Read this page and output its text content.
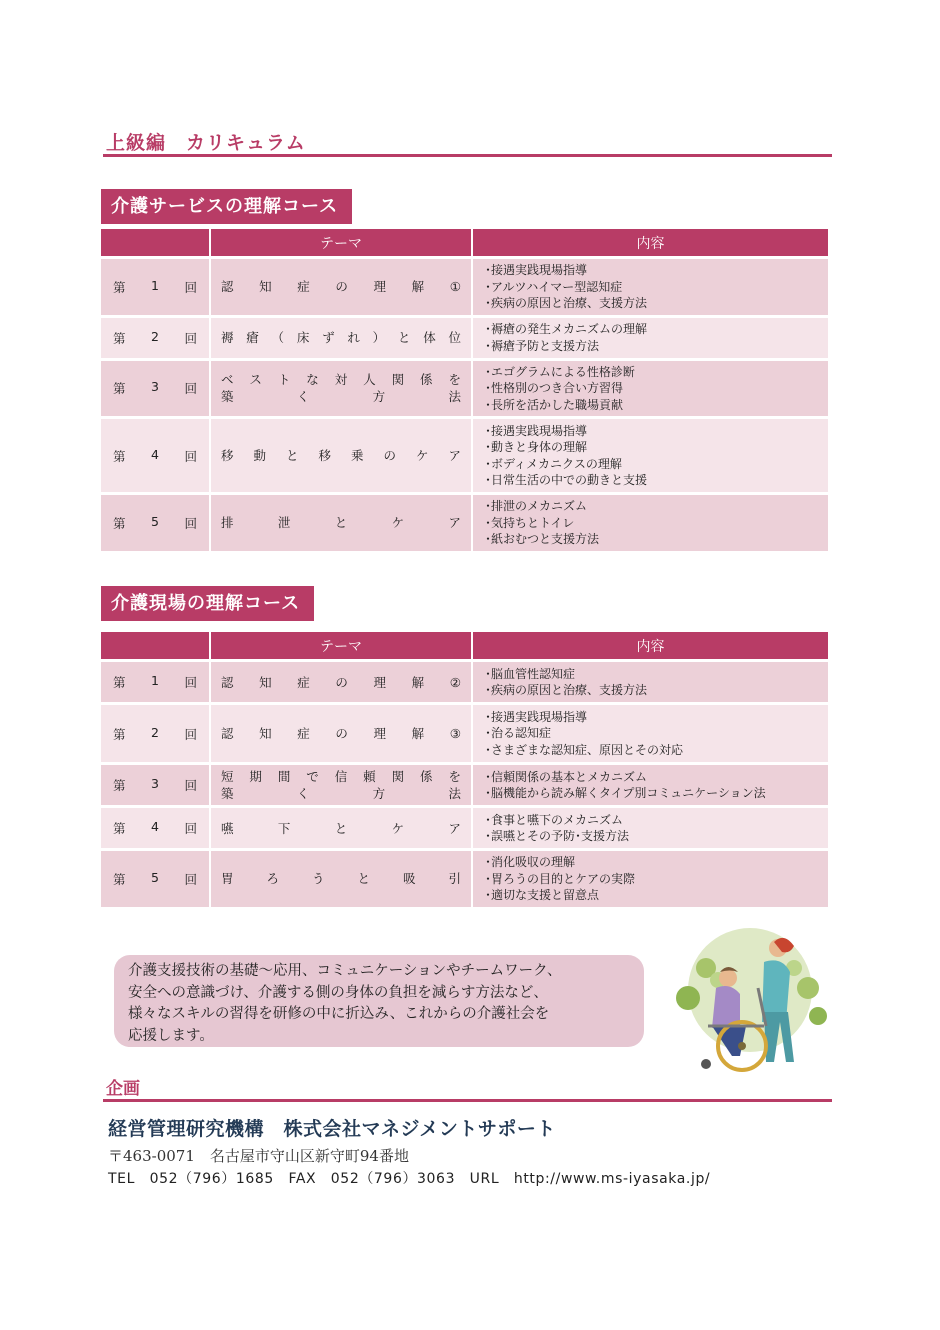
上級編　カリキュラム
介護サービスの理解コース
	テーマ	内容

第 1 回	認知症の理解①	･接遇実践現場指導
･アルツハイマー型認知症
･疾病の原因と治療、支援方法

第 2 回	褥瘡（床ずれ）と体位	･褥瘡の発生メカニズムの理解
･褥瘡予防と支援方法

第 3 回	ベストな対人関係を
築く方法	･エゴグラムによる性格診断
･性格別のつき合い方習得
･長所を活かした職場貢献

第 4 回	移動と移乗のケア	･接遇実践現場指導
･動きと身体の理解
･ボディメカニクスの理解
･日常生活の中での動きと支援

第 5 回	排泄とケア	･排泄のメカニズム
･気持ちとトイレ
･紙おむつと支援方法
介護現場の理解コース
	テーマ	内容

第 1 回	認知症の理解②	･脳血管性認知症
･疾病の原因と治療、支援方法

第 2 回	認知症の理解③	･接遇実践現場指導
･治る認知症
･さまざまな認知症、原因とその対応

第 3 回	短期間で信頼関係を
築く方法	･信頼関係の基本とメカニズム
･脳機能から読み解くタイプ別コミュニケーション法

第 4 回	嚥下とケア	･食事と嚥下のメカニズム
･誤嚥とその予防･支援方法

第 5 回	胃ろうと吸引	･消化吸収の理解
･胃ろうの目的とケアの実際
･適切な支援と留意点
介護支援技術の基礎～応用、コミュニケーションやチームワーク、
安全への意識づけ、介護する側の身体の負担を減らす方法など、
様々なスキルの習得を研修の中に折込み、これからの介護社会を
応援します。
企画
経営管理研究機構　株式会社マネジメントサポート
〒463-0071　名古屋市守山区新守町94番地
TEL　052（796）1685　FAX　052（796）3063　URL　http://www.ms-iyasaka.jp/
